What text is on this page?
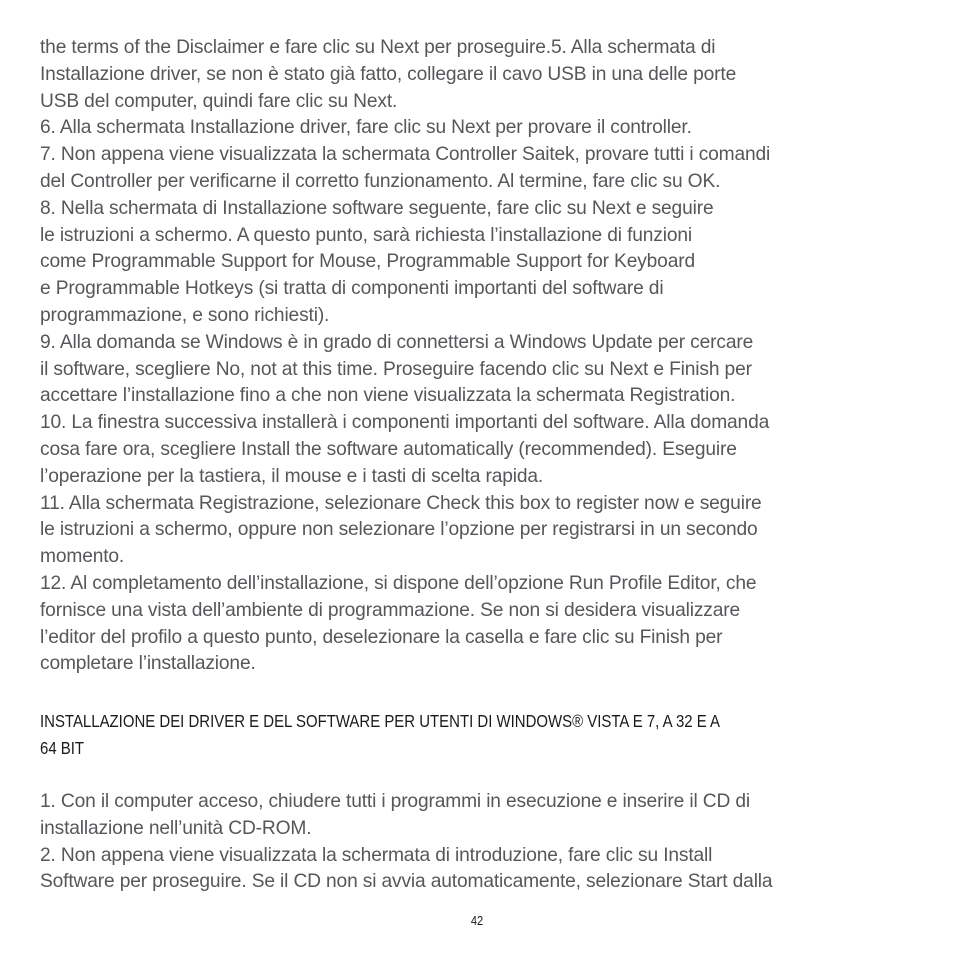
the terms of the Disclaimer e fare clic su Next per proseguire.5. Alla schermata di

Installazione driver, se non è stato già fatto, collegare il cavo USB in una delle porte

USB del computer, quindi fare clic su Next.

6. Alla schermata Installazione driver, fare clic su Next per provare il controller.

7. Non appena viene visualizzata la schermata Controller Saitek, provare tutti i comandi

del Controller per verificarne il corretto funzionamento. Al termine, fare clic su OK.

8. Nella schermata di Installazione software seguente, fare clic su Next e seguire

le istruzioni a schermo. A questo punto, sarà richiesta l’installazione di funzioni

come Programmable Support for Mouse, Programmable Support for Keyboard

e Programmable Hotkeys (si tratta di componenti importanti del software di

programmazione, e sono richiesti).

9. Alla domanda se Windows è in grado di connettersi a Windows Update per cercare

il software, scegliere No, not at this time. Proseguire facendo clic su Next e Finish per

accettare l’installazione fino a che non viene visualizzata la schermata Registration.

10. La finestra successiva installerà i componenti importanti del software. Alla domanda

cosa fare ora, scegliere Install the software automatically (recommended). Eseguire

l’operazione per la tastiera, il mouse e i tasti di scelta rapida.

11. Alla schermata Registrazione, selezionare Check this box to register now e seguire

le istruzioni a schermo, oppure non selezionare l’opzione per registrarsi in un secondo

momento.

12. Al completamento dell’installazione, si dispone dell’opzione Run Profile Editor, che

fornisce una vista dell’ambiente di programmazione. Se non si desidera visualizzare

l’editor del profilo a questo punto, deselezionare la casella e fare clic su Finish per

completare l’installazione.

INSTALLAZIONE DEI DRIVER E DEL SOFTWARE PER UTENTI DI WINDOWS® VISTA E 7, A 32 E A
64 BIT

1. Con il computer acceso, chiudere tutti i programmi in esecuzione e inserire il CD di

installazione nell’unità CD-ROM.

2. Non appena viene visualizzata la schermata di introduzione, fare clic su Install

Software per proseguire. Se il CD non si avvia automaticamente, selezionare Start dalla

42
